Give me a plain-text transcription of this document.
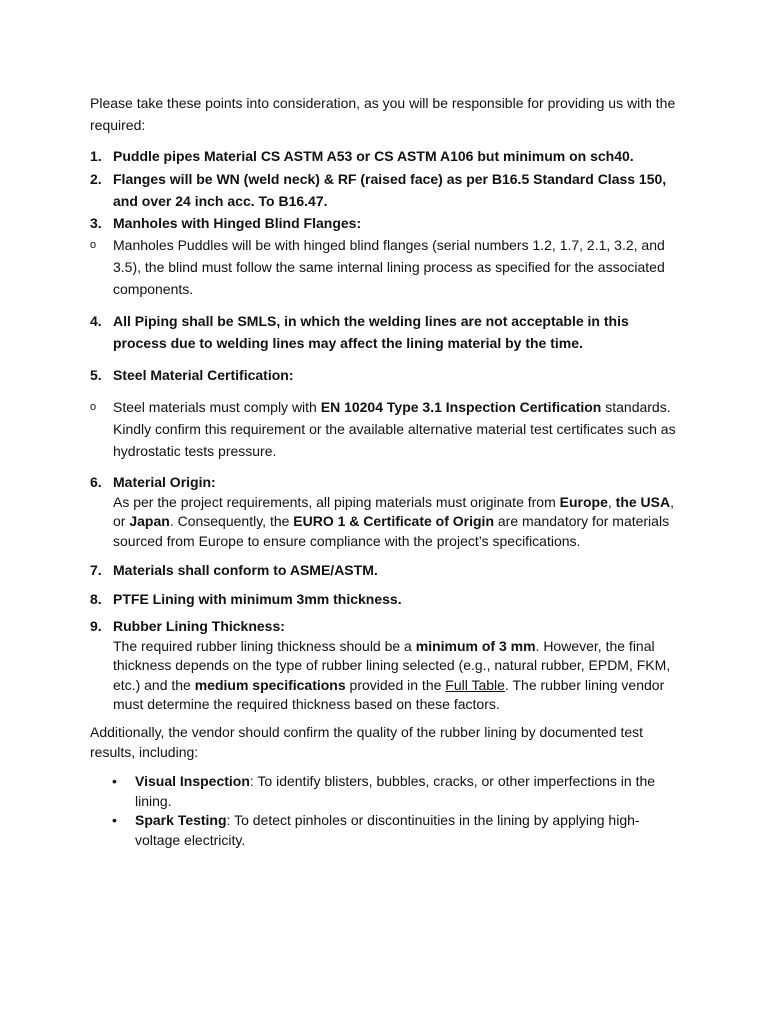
Please take these points into consideration, as you will be responsible for providing us with the required:

1. Puddle pipes Material CS ASTM A53 or CS ASTM A106 but minimum on sch40.

2. Flanges will be WN (weld neck) & RF (raised face) as per B16.5 Standard Class 150, and over 24 inch acc. To B16.47.

3. Manholes with Hinged Blind Flanges:

o	Manholes Puddles will be with hinged blind flanges (serial numbers 1.2, 1.7, 2.1, 3.2, and 3.5), the blind must follow the same internal lining process as specified for the associated components.

4. All Piping shall be SMLS, in which the welding lines are not acceptable in this process due to welding lines may affect the lining material by the time.

5. Steel Material Certification:

o	Steel materials must comply with EN 10204 Type 3.1 Inspection Certification standards. Kindly confirm this requirement or the available alternative material test certificates such as hydrostatic tests pressure.

6. Material Origin:

As per the project requirements, all piping materials must originate from Europe, the USA, or Japan. Consequently, the EURO 1 & Certificate of Origin are mandatory for materials sourced from Europe to ensure compliance with the project’s specifications.

7. Materials shall conform to ASME/ASTM.

8. PTFE Lining with minimum 3mm thickness.

9. Rubber Lining Thickness:

The required rubber lining thickness should be a minimum of 3 mm. However, the final thickness depends on the type of rubber lining selected (e.g., natural rubber, EPDM, FKM, etc.) and the medium specifications provided in the Full Table. The rubber lining vendor must determine the required thickness based on these factors.

Additionally, the vendor should confirm the quality of the rubber lining by documented test results, including:

•	Visual Inspection: To identify blisters, bubbles, cracks, or other imperfections in the lining.

•	Spark Testing: To detect pinholes or discontinuities in the lining by applying high-voltage electricity.
